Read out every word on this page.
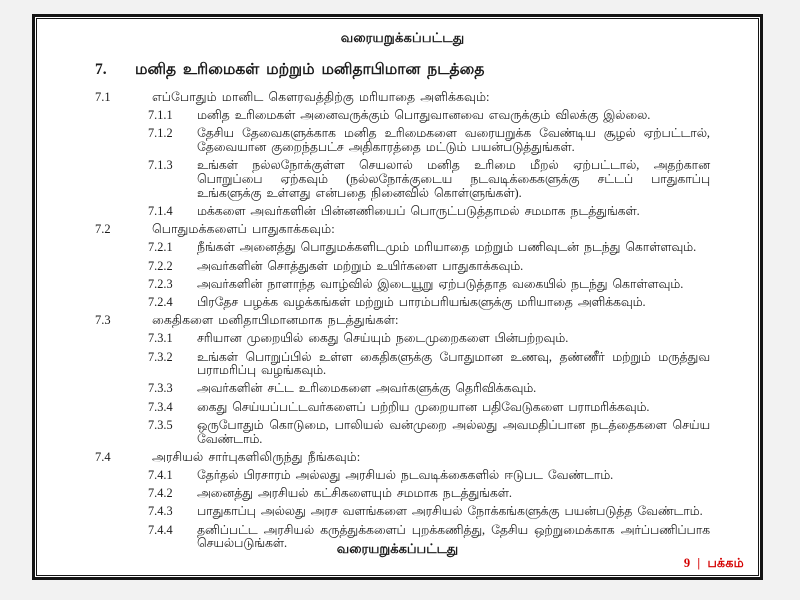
வரையறுக்கப்பட்டது
7.	மனித உரிமைகள் மற்றும் மனிதாபிமான நடத்தை
7.1	எப்போதும் மானிட கௌரவத்திற்கு மரியாதை அளிக்கவும்:
7.1.1	மனித உரிமைகள் அனைவருக்கும் பொதுவானவை எவருக்கும் விலக்கு இல்லை.
7.1.2	தேசிய தேவைகளுக்காக மனித உரிமைகளை வரையறுக்க வேண்டிய சூழல் ஏற்பட்டால், தேவையான குறைந்தபட்ச அதிகாரத்தை மட்டும் பயன்படுத்துங்கள்.
7.1.3	உங்கள் நல்லநோக்குள்ள செயலால் மனித உரிமை மீறல் ஏற்பட்டால், அதற்கான பொறுப்பை ஏற்கவும் (நல்லநோக்குடைய நடவடிக்கைகளுக்கு சட்டப் பாதுகாப்பு உங்களுக்கு உள்ளது என்பதை நினைவில் கொள்ளுங்கள்).
7.1.4	மக்களை அவர்களின் பின்னணியைப் பொருட்படுத்தாமல் சமமாக நடத்துங்கள்.
7.2	பொதுமக்களைப் பாதுகாக்கவும்:
7.2.1	நீங்கள் அனைத்து பொதுமக்களிடமும் மரியாதை மற்றும் பணிவுடன் நடந்து கொள்ளவும்.
7.2.2	அவர்களின் சொத்துகள் மற்றும் உயிர்களை பாதுகாக்கவும்.
7.2.3	அவர்களின் நாளாந்த வாழ்வில் இடையூறு ஏற்படுத்தாத வகையில் நடந்து கொள்ளவும்.
7.2.4	பிரதேச பழக்க வழக்கங்கள் மற்றும் பாரம்பரியங்களுக்கு மரியாதை அளிக்கவும்.
7.3	கைதிகளை மனிதாபிமானமாக நடத்துங்கள்:
7.3.1	சரியான முறையில் கைது செய்யும் நடைமுறைகளை பின்பற்றவும்.
7.3.2	உங்கள் பொறுப்பில் உள்ள கைதிகளுக்கு போதுமான உணவு, தண்ணீர் மற்றும் மருத்துவ பராமரிப்பு வழங்கவும்.
7.3.3	அவர்களின் சட்ட உரிமைகளை அவர்களுக்கு தெரிவிக்கவும்.
7.3.4	கைது செய்யப்பட்டவர்களைப் பற்றிய முறையான பதிவேடுகளை பராமரிக்கவும்.
7.3.5	ஒருபோதும் கொடுமை, பாலியல் வன்முறை அல்லது அவமதிப்பான நடத்தைகளை செய்ய வேண்டாம்.
7.4	அரசியல் சார்புகளிலிருந்து நீங்கவும்:
7.4.1	தேர்தல் பிரசாரம் அல்லது அரசியல் நடவடிக்கைகளில் ஈடுபட வேண்டாம்.
7.4.2	அனைத்து அரசியல் கட்சிகளையும் சமமாக நடத்துங்கள்.
7.4.3	பாதுகாப்பு அல்லது அரச வளங்களை அரசியல் நோக்கங்களுக்கு பயன்படுத்த வேண்டாம்.
7.4.4	தனிப்பட்ட அரசியல் கருத்துக்களைப் புறக்கணித்து, தேசிய ஒற்றுமைக்காக அர்ப்பணிப்பாக செயல்படுங்கள்.	வரையறுக்கப்பட்டது
9 | பக்கம்
